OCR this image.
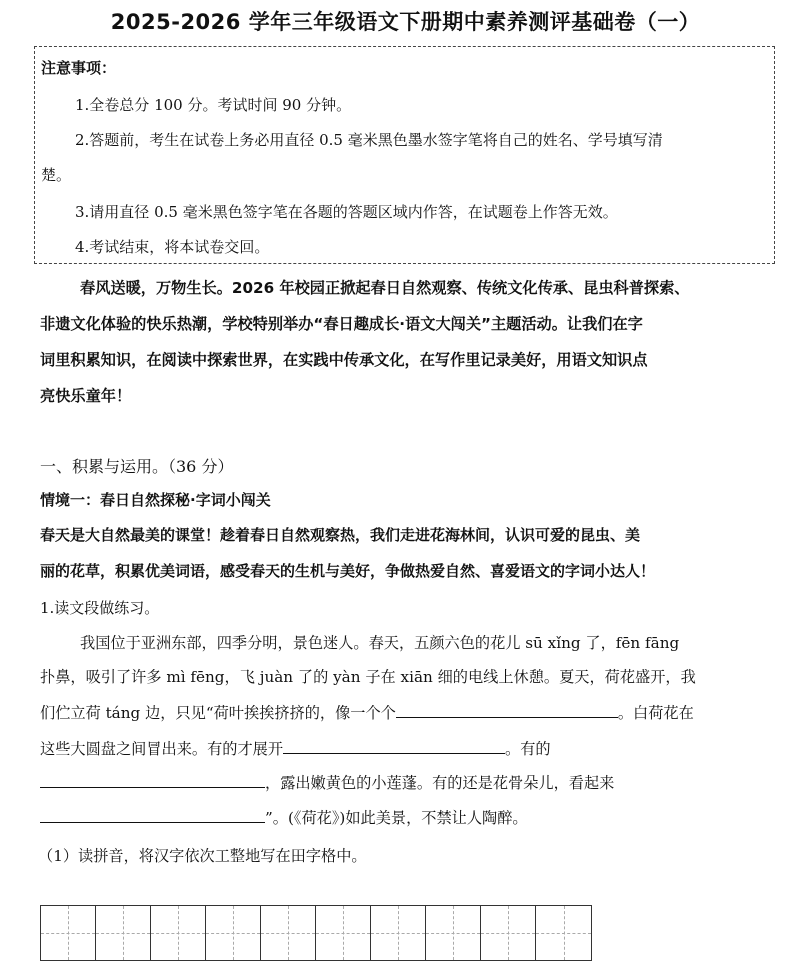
2025-2026 学年三年级语文下册期中素养测评基础卷（一）
注意事项：
1.全卷总分 100 分。考试时间 90 分钟。
2.答题前，考生在试卷上务必用直径 0.5 毫米黑色墨水签字笔将自己的姓名、学号填写清
楚。
3.请用直径 0.5 毫米黑色签字笔在各题的答题区域内作答，在试题卷上作答无效。
4.考试结束，将本试卷交回。
春风送暖，万物生长。2026 年校园正掀起春日自然观察、传统文化传承、昆虫科普探索、
非遗文化体验的快乐热潮，学校特别举办“春日趣成长·语文大闯关”主题活动。让我们在字
词里积累知识，在阅读中探索世界，在实践中传承文化，在写作里记录美好，用语文知识点
亮快乐童年！
一、积累与运用。（36 分）
情境一：春日自然探秘·字词小闯关
春天是大自然最美的课堂！趁着春日自然观察热，我们走进花海林间，认识可爱的昆虫、美
丽的花草，积累优美词语，感受春天的生机与美好，争做热爱自然、喜爱语文的字词小达人！
1.读文段做练习。
我国位于亚洲东部，四季分明，景色迷人。春天，五颜六色的花儿 sū xǐng 了，fēn fāng
扑鼻，吸引了许多 mì fēng，飞 juàn 了的 yàn 子在 xiān 细的电线上休憩。夏天，荷花盛开，我
们伫立荷 táng 边，只见“荷叶挨挨挤挤的，像一个个	。白荷花在
这些大圆盘之间冒出来。有的才展开	。有的
，露出嫩黄色的小莲蓬。有的还是花骨朵儿，看起来
”。(《荷花》)如此美景，不禁让人陶醉。
（1）读拼音，将汉字依次工整地写在田字格中。
